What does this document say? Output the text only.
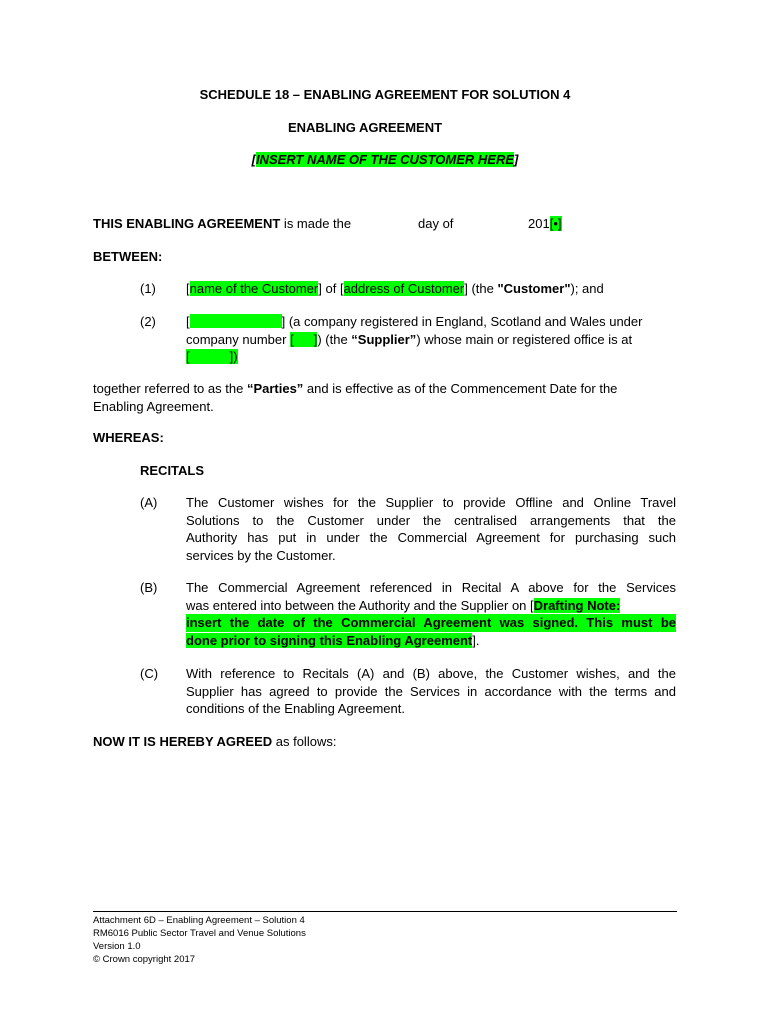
SCHEDULE 18 – ENABLING AGREEMENT FOR SOLUTION 4
ENABLING AGREEMENT
[INSERT NAME OF THE CUSTOMER HERE]
THIS ENABLING AGREEMENT is made the	day of	201[•]
BETWEEN:
(1) [name of the Customer] of [address of Customer] (the "Customer"); and
(2) [	] (a company registered in England, Scotland and Wales under
company number [ ]) (the “Supplier”) whose main or registered office is at
[	])
together referred to as the “Parties” and is effective as of the Commencement Date for the
Enabling Agreement.
WHEREAS:
RECITALS
(A) The Customer wishes for the Supplier to provide Offline and Online Travel
Solutions to the Customer under the centralised arrangements that the
Authority has put in under the Commercial Agreement for purchasing such
services by the Customer.
(B) The Commercial Agreement referenced in Recital A above for the Services
was entered into between the Authority and the Supplier on [Drafting Note:
insert the date of the Commercial Agreement was signed. This must be
done prior to signing this Enabling Agreement].
(C) With reference to Recitals (A) and (B) above, the Customer wishes, and the
Supplier has agreed to provide the Services in accordance with the terms and
conditions of the Enabling Agreement.
NOW IT IS HEREBY AGREED as follows:
Attachment 6D – Enabling Agreement – Solution 4
RM6016 Public Sector Travel and Venue Solutions
Version 1.0
© Crown copyright 2017
